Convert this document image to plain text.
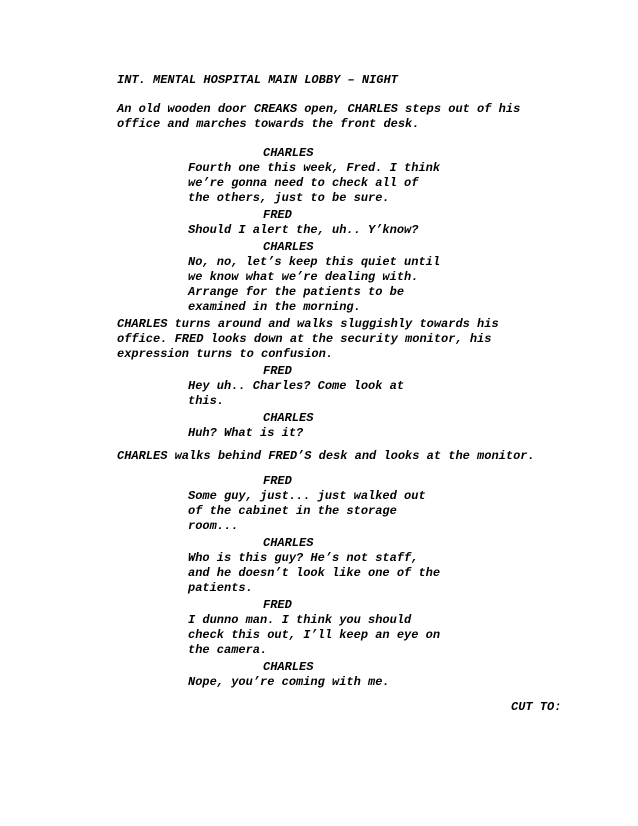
INT. MENTAL HOSPITAL MAIN LOBBY – NIGHT

An old wooden door CREAKS open, CHARLES steps out of his

office and marches towards the front desk.

CHARLES

Fourth one this week, Fred. I think

we’re gonna need to check all of

the others, just to be sure.

FRED

Should I alert the, uh.. Y’know?

CHARLES

No, no, let’s keep this quiet until

we know what we’re dealing with.

Arrange for the patients to be

examined in the morning.

CHARLES turns around and walks sluggishly towards his

office. FRED looks down at the security monitor, his

expression turns to confusion.

FRED

Hey uh.. Charles? Come look at

this.

CHARLES

Huh? What is it?

CHARLES walks behind FRED’S desk and looks at the monitor.

FRED

Some guy, just... just walked out

of the cabinet in the storage

room...

CHARLES

Who is this guy? He’s not staff,

and he doesn’t look like one of the

patients.

FRED

I dunno man. I think you should

check this out, I’ll keep an eye on

the camera.

CHARLES

Nope, you’re coming with me.

CUT TO:
